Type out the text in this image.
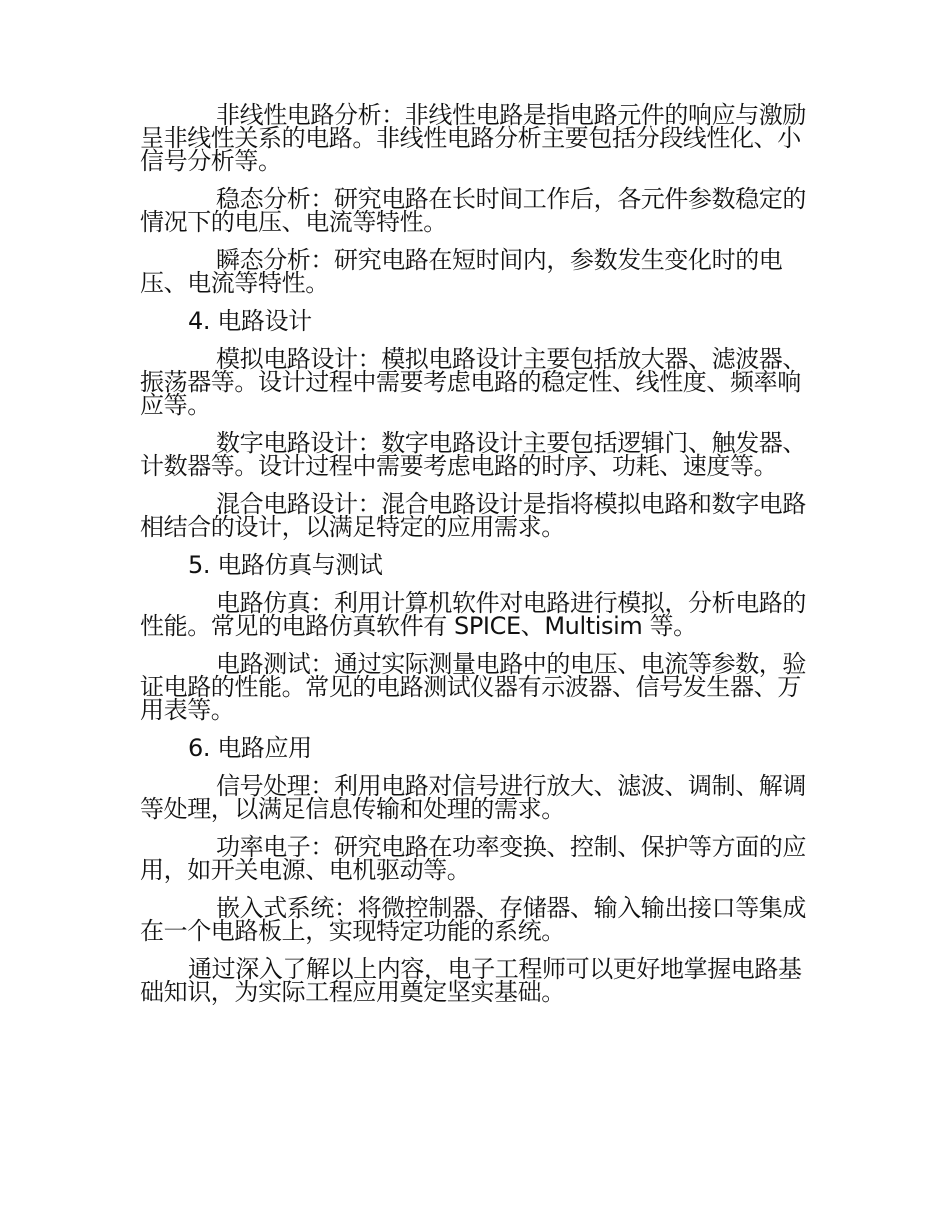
非线性电路分析：非线性电路是指电路元件的响应与激励呈非线性关系的电路。非线性电路分析主要包括分段线性化、小信号分析等。

稳态分析：研究电路在长时间工作后，各元件参数稳定的情况下的电压、电流等特性。

瞬态分析：研究电路在短时间内，参数发生变化时的电压、电流等特性。

4. 电路设计

模拟电路设计：模拟电路设计主要包括放大器、滤波器、振荡器等。设计过程中需要考虑电路的稳定性、线性度、频率响应等。

数字电路设计：数字电路设计主要包括逻辑门、触发器、计数器等。设计过程中需要考虑电路的时序、功耗、速度等。

混合电路设计：混合电路设计是指将模拟电路和数字电路相结合的设计，以满足特定的应用需求。

5. 电路仿真与测试

电路仿真：利用计算机软件对电路进行模拟，分析电路的性能。常见的电路仿真软件有 SPICE、Multisim 等。

电路测试：通过实际测量电路中的电压、电流等参数，验证电路的性能。常见的电路测试仪器有示波器、信号发生器、万用表等。

6. 电路应用

信号处理：利用电路对信号进行放大、滤波、调制、解调等处理，以满足信息传输和处理的需求。

功率电子：研究电路在功率变换、控制、保护等方面的应用，如开关电源、电机驱动等。

嵌入式系统：将微控制器、存储器、输入输出接口等集成在一个电路板上，实现特定功能的系统。

通过深入了解以上内容，电子工程师可以更好地掌握电路基础知识，为实际工程应用奠定坚实基础。
